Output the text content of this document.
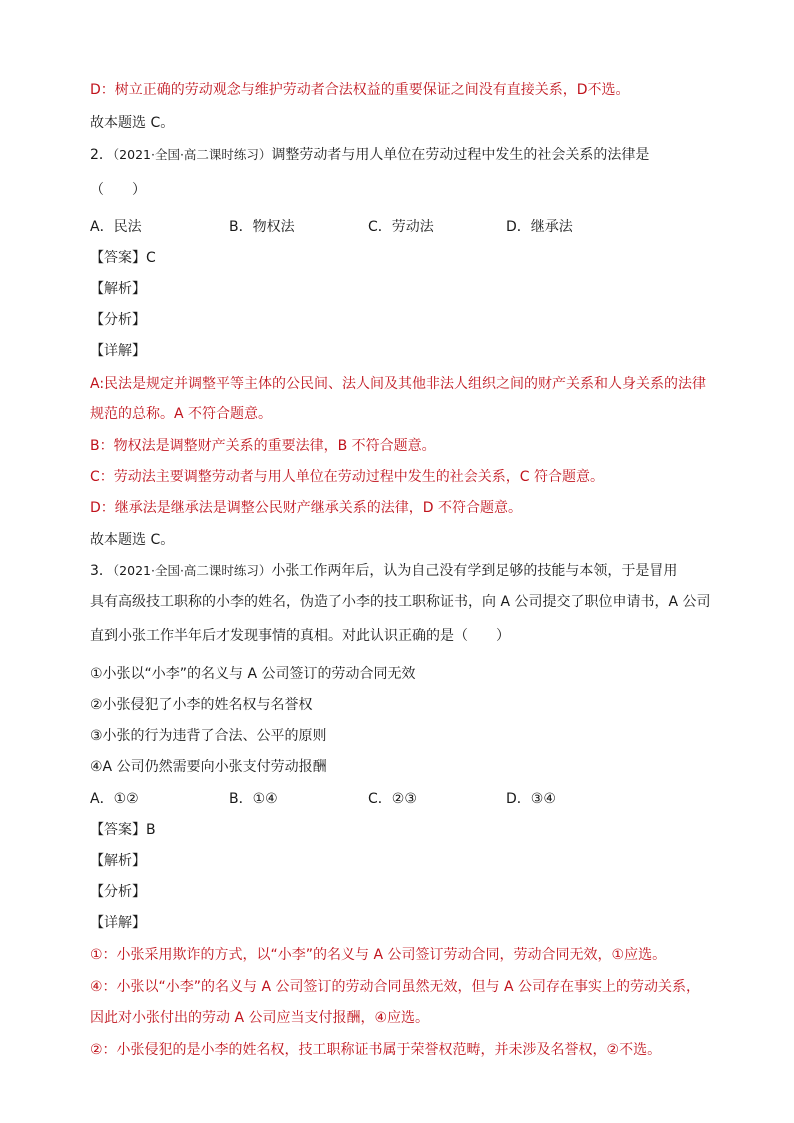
D：树立正确的劳动观念与维护劳动者合法权益的重要保证之间没有直接关系，D不选。
故本题选 C。
2．（2021·全国·高二课时练习）调整劳动者与用人单位在劳动过程中发生的社会关系的法律是
（　　）
A．民法	B．物权法	C．劳动法	D．继承法
【答案】C
【解析】
【分析】
【详解】
A:民法是规定并调整平等主体的公民间、法人间及其他非法人组织之间的财产关系和人身关系的法律
规范的总称。A 不符合题意。
B：物权法是调整财产关系的重要法律，B 不符合题意。
C：劳动法主要调整劳动者与用人单位在劳动过程中发生的社会关系，C 符合题意。
D：继承法是继承法是调整公民财产继承关系的法律，D 不符合题意。
故本题选 C。
3．（2021·全国·高二课时练习）小张工作两年后，认为自己没有学到足够的技能与本领，于是冒用
具有高级技工职称的小李的姓名，伪造了小李的技工职称证书，向 A 公司提交了职位申请书，A 公司
直到小张工作半年后才发现事情的真相。对此认识正确的是（　　）
①小张以“小李”的名义与 A 公司签订的劳动合同无效
②小张侵犯了小李的姓名权与名誉权
③小张的行为违背了合法、公平的原则
④A 公司仍然需要向小张支付劳动报酬
A．①②	B．①④	C．②③	D．③④
【答案】B
【解析】
【分析】
【详解】
①：小张采用欺诈的方式，以“小李”的名义与 A 公司签订劳动合同，劳动合同无效，①应选。
④：小张以“小李”的名义与 A 公司签订的劳动合同虽然无效，但与 A 公司存在事实上的劳动关系，
因此对小张付出的劳动 A 公司应当支付报酬，④应选。
②：小张侵犯的是小李的姓名权，技工职称证书属于荣誉权范畴，并未涉及名誉权，②不选。
